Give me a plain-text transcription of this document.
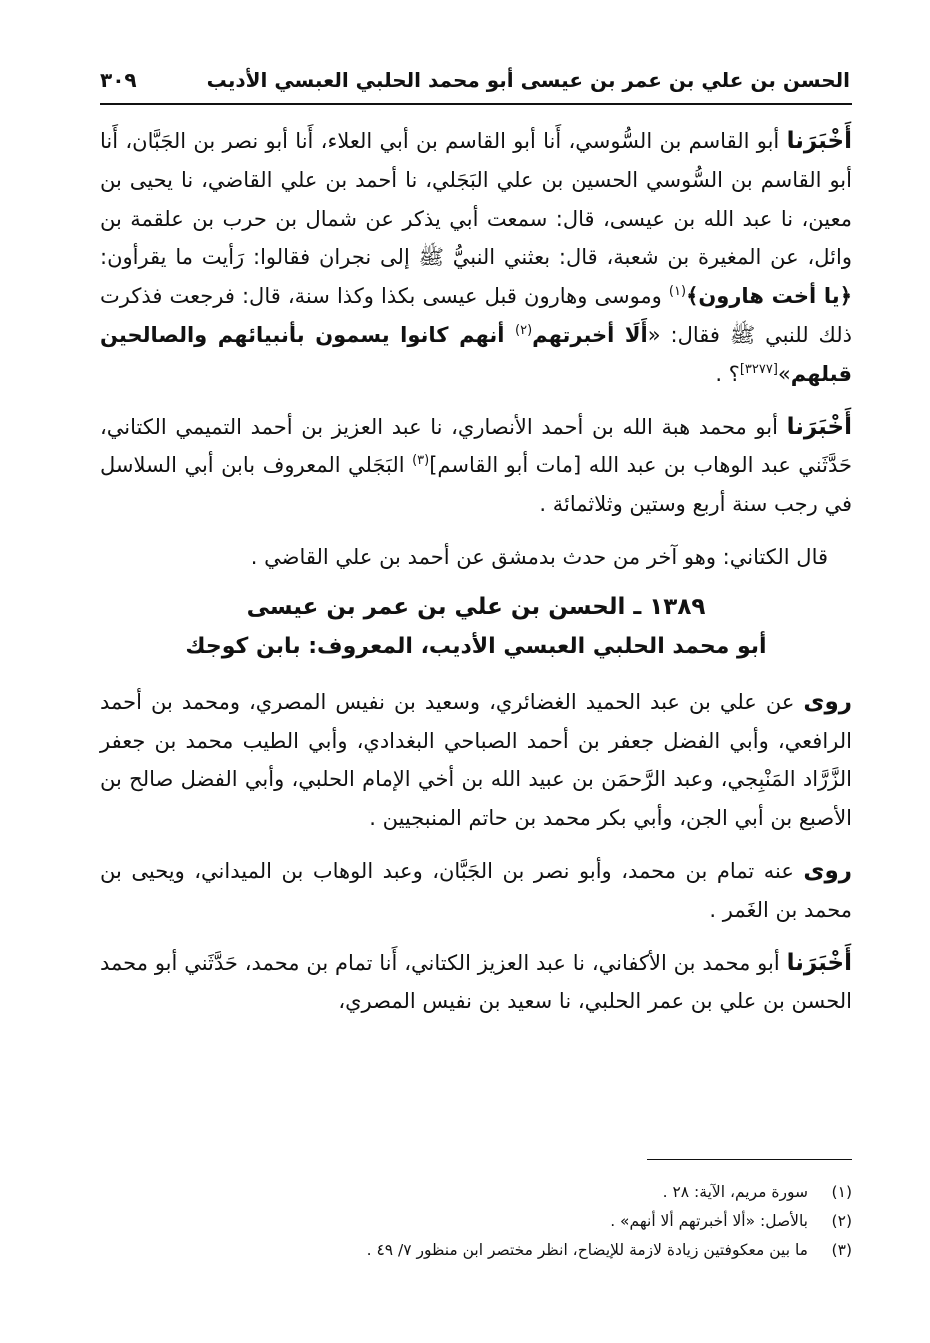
الحسن بن علي بن عمر بن عيسى أبو محمد الحلبي العبسي الأديب
٣٠٩

أَخْبَرَنا أبو القاسم بن السُّوسي، أَنا أبو القاسم بن أبي العلاء، أَنا أبو نصر بن الجَبَّان، أَنا أبو القاسم بن السُّوسي الحسين بن علي البَجَلي، نا أحمد بن علي القاضي، نا يحيى بن معين، نا عبد الله بن عيسى، قال: سمعت أبي يذكر عن شمال بن حرب بن علقمة بن وائل، عن المغيرة بن شعبة، قال: بعثني النبيُّ ﷺ إلى نجران فقالوا: رَأيت ما يقرأون: ﴿يا أخت هارون﴾$^{(١)}$ وموسى وهارون قبل عيسى بكذا وكذا سنة، قال: فرجعت فذكرت ذلك للنبي ﷺ فقال: «أَلَا أخبرتهم$^{(٢)}$ أنهم كانوا يسمون بأنبيائهم والصالحين قبلهم»[٣٢٧٧]؟ .

أَخْبَرَنا أبو محمد هبة الله بن أحمد الأنصاري، نا عبد العزيز بن أحمد التميمي الكتاني، حَدَّثَني عبد الوهاب بن عبد الله [مات أبو القاسم]$^{(٣)}$ البَجَلي المعروف بابن أبي السلاسل في رجب سنة أربع وستين وثلاثمائة .

قال الكتاني: وهو آخر من حدث بدمشق عن أحمد بن علي القاضي .

١٣٨٩ ـ الحسن بن علي بن عمر بن عيسى

أبو محمد الحلبي العبسي الأديب، المعروف: بابن كوجك

روى عن علي بن عبد الحميد الغضائري، وسعيد بن نفيس المصري، ومحمد بن أحمد الرافعي، وأبي الفضل جعفر بن أحمد الصباحي البغدادي، وأبي الطيب محمد بن جعفر الزَّرَّاد المَنْبِجي، وعبد الرَّحمَن بن عبيد الله بن أخي الإمام الحلبي، وأبي الفضل صالح بن الأصبع بن أبي الجن، وأبي بكر محمد بن حاتم المنبجيين .

روى عنه تمام بن محمد، وأبو نصر بن الجَبَّان، وعبد الوهاب بن الميداني، ويحيى بن محمد بن الغَمر .

أَخْبَرَنا أبو محمد بن الأكفاني، نا عبد العزيز الكتاني، أَنا تمام بن محمد، حَدَّثَني أبو محمد الحسن بن علي بن عمر الحلبي، نا سعيد بن نفيس المصري،

(١)
سورة مريم، الآية: ٢٨ .

(٢)
بالأصل: «ألا أخبرتهم ألا أنهم» .

(٣)
ما بين معكوفتين زيادة لازمة للإيضاح، انظر مختصر ابن منظور ٧/ ٤٩ .
